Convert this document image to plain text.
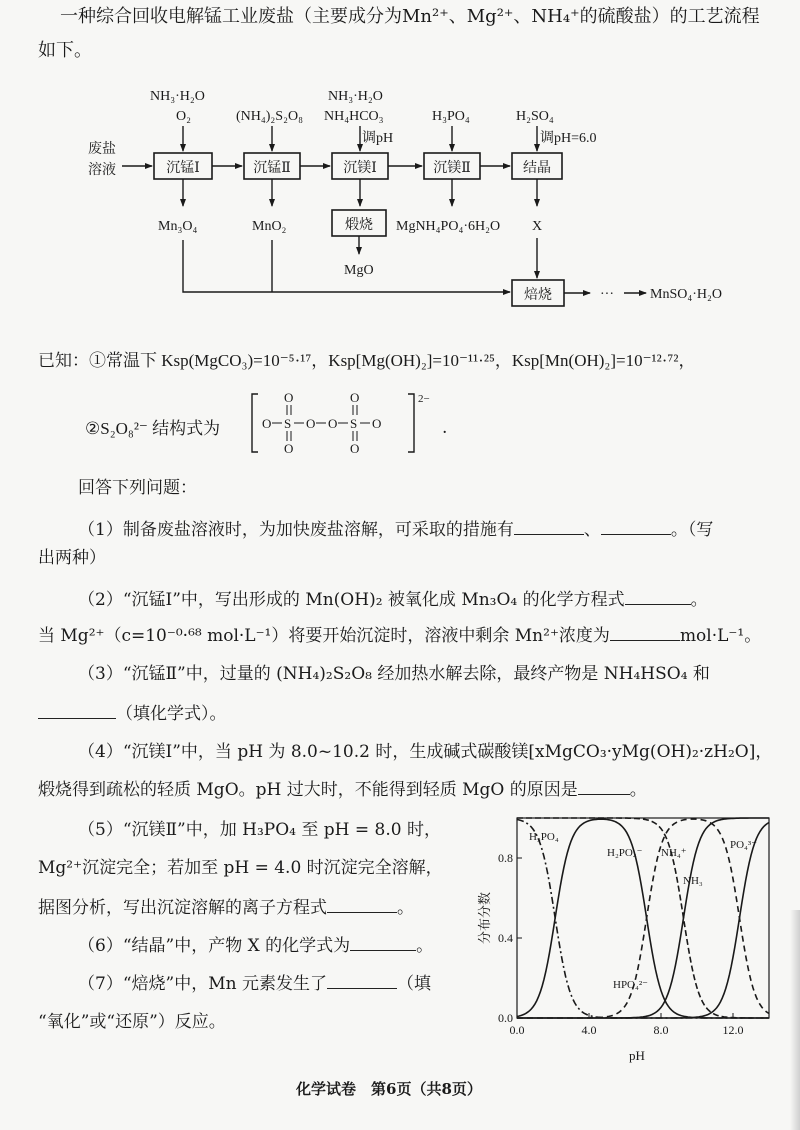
一种综合回收电解锰工业废盐（主要成分为Mn²⁺、Mg²⁺、NH₄⁺的硫酸盐）的工艺流程
如下。
废盐
溶液	沉锰Ⅰ	沉锰Ⅱ	沉镁Ⅰ	沉镁Ⅱ	结晶
NH₃·H₂O
O₂	(NH₄)₂S₂O₈
NH₃·H₂O
NH₄HCO₃
调pH
H₃PO₄	H₂SO₄
调pH=6.0
Mn₃O₄	MnO₂	煅烧
MgO
MgNH₄PO₄·6H₂O X
焙烧	···	MnSO₄·H₂O
已知：①常温下 Ksp(MgCO₃)=10⁻⁵·¹⁷，Ksp[Mg(OH)₂]=10⁻¹¹·²⁵，Ksp[Mn(OH)₂]=10⁻¹²·⁷²，
②S₂O₈²⁻ 结构式为
2−
O S O O S O
O
O
O
O
.
回答下列问题：
（1）制备废盐溶液时，为加快废盐溶解，可采取的措施有	、	。（写
出两种）
（2）“沉锰Ⅰ”中，写出形成的 Mn(OH)₂ 被氧化成 Mn₃O₄ 的化学方程式	。
当 Mg²⁺（c=10⁻⁰·⁶⁸ mol·L⁻¹）将要开始沉淀时，溶液中剩余 Mn²⁺浓度为	mol·L⁻¹。
（3）“沉锰Ⅱ”中，过量的 (NH₄)₂S₂O₈ 经加热水解去除，最终产物是 NH₄HSO₄ 和
（填化学式）。
（4）“沉镁Ⅰ”中，当 pH 为 8.0~10.2 时，生成碱式碳酸镁[xMgCO₃·yMg(OH)₂·zH₂O]，
煅烧得到疏松的轻质 MgO。pH 过大时，不能得到轻质 MgO 的原因是	。
（5）“沉镁Ⅱ”中，加 H₃PO₄ 至 pH = 8.0 时，
Mg²⁺沉淀完全；若加至 pH = 4.0 时沉淀完全溶解，
据图分析，写出沉淀溶解的离子方程式	。
（6）“结晶”中，产物 X 的化学式为	。
（7）“焙烧”中，Mn 元素发生了	（填
“氧化”或“还原”）反应。	0.0	4.0	8.0	12.0
0.0
0.4
0.8
H₃PO₄
H₂PO₄⁻ NH₄⁺
NH₃
PO₄³⁻
HPO₄²⁻
pH
分布分数
化学试卷　第6页（共8页）
